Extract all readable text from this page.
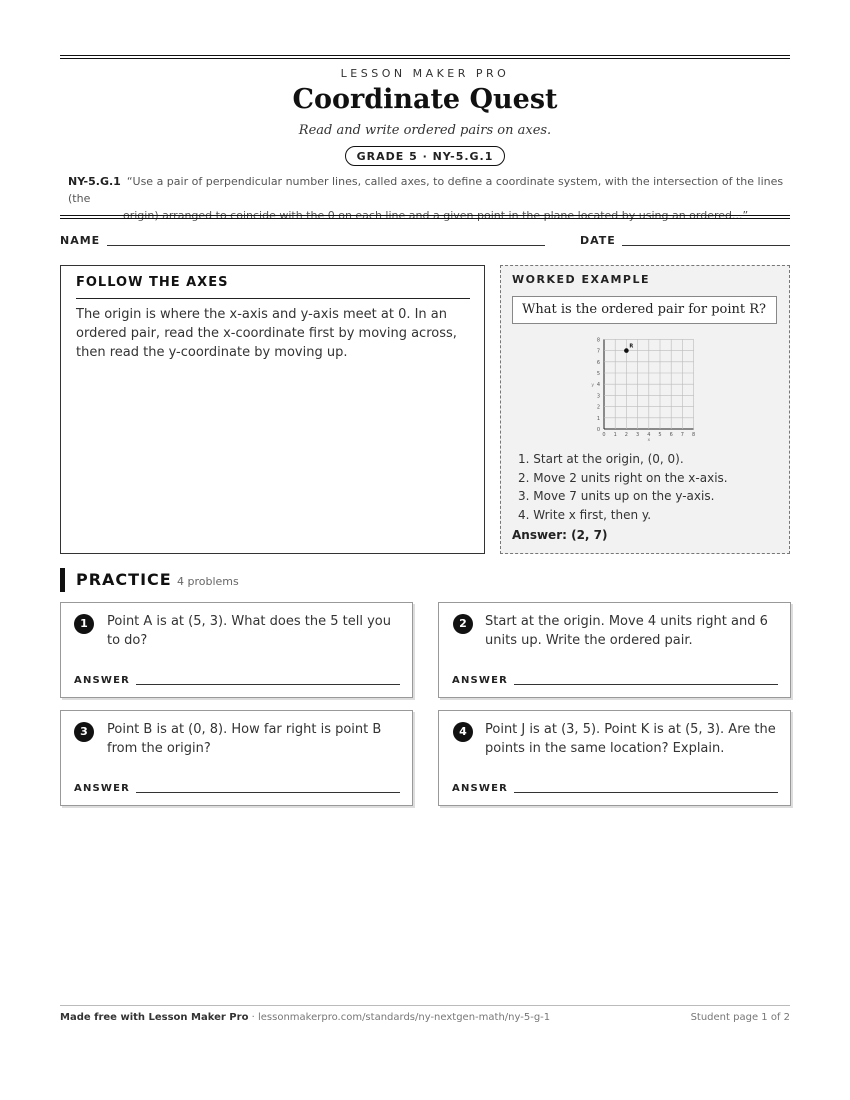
LESSON MAKER PRO
Coordinate Quest
Read and write ordered pairs on axes.
GRADE 5 · NY-5.G.1
NY-5.G.1 “Use a pair of perpendicular number lines, called axes, to define a coordinate system, with the intersection of the lines (the
origin) arranged to coincide with the 0 on each line and a given point in the plane located by using an ordered...”
NAME	DATE
FOLLOW THE AXES
The origin is where the x-axis and y-axis meet at 0. In an ordered pair, read the x-coordinate first by moving across, then read the y-coordinate by moving up.
WORKED EXAMPLE
What is the ordered pair for point R?
0 1 2 3 4 5 6 7 8
0
1
2
3
4
5
6
7
8
x
y
R
1. Start at the origin, (0, 0).
2. Move 2 units right on the x-axis.
3. Move 7 units up on the y-axis.
4. Write x first, then y.
Answer: (2, 7)
PRACTICE 4 problems
1	Point A is at (5, 3). What does the 5 tell you to do?
ANSWER
2	Start at the origin. Move 4 units right and 6 units up. Write the ordered pair.
ANSWER
3	Point B is at (0, 8). How far right is point B from the origin?
ANSWER
4	Point J is at (3, 5). Point K is at (5, 3). Are the points in the same location? Explain.
ANSWER
Made free with Lesson Maker Pro · lessonmakerpro.com/standards/ny-nextgen-math/ny-5-g-1	Student page 1 of 2
